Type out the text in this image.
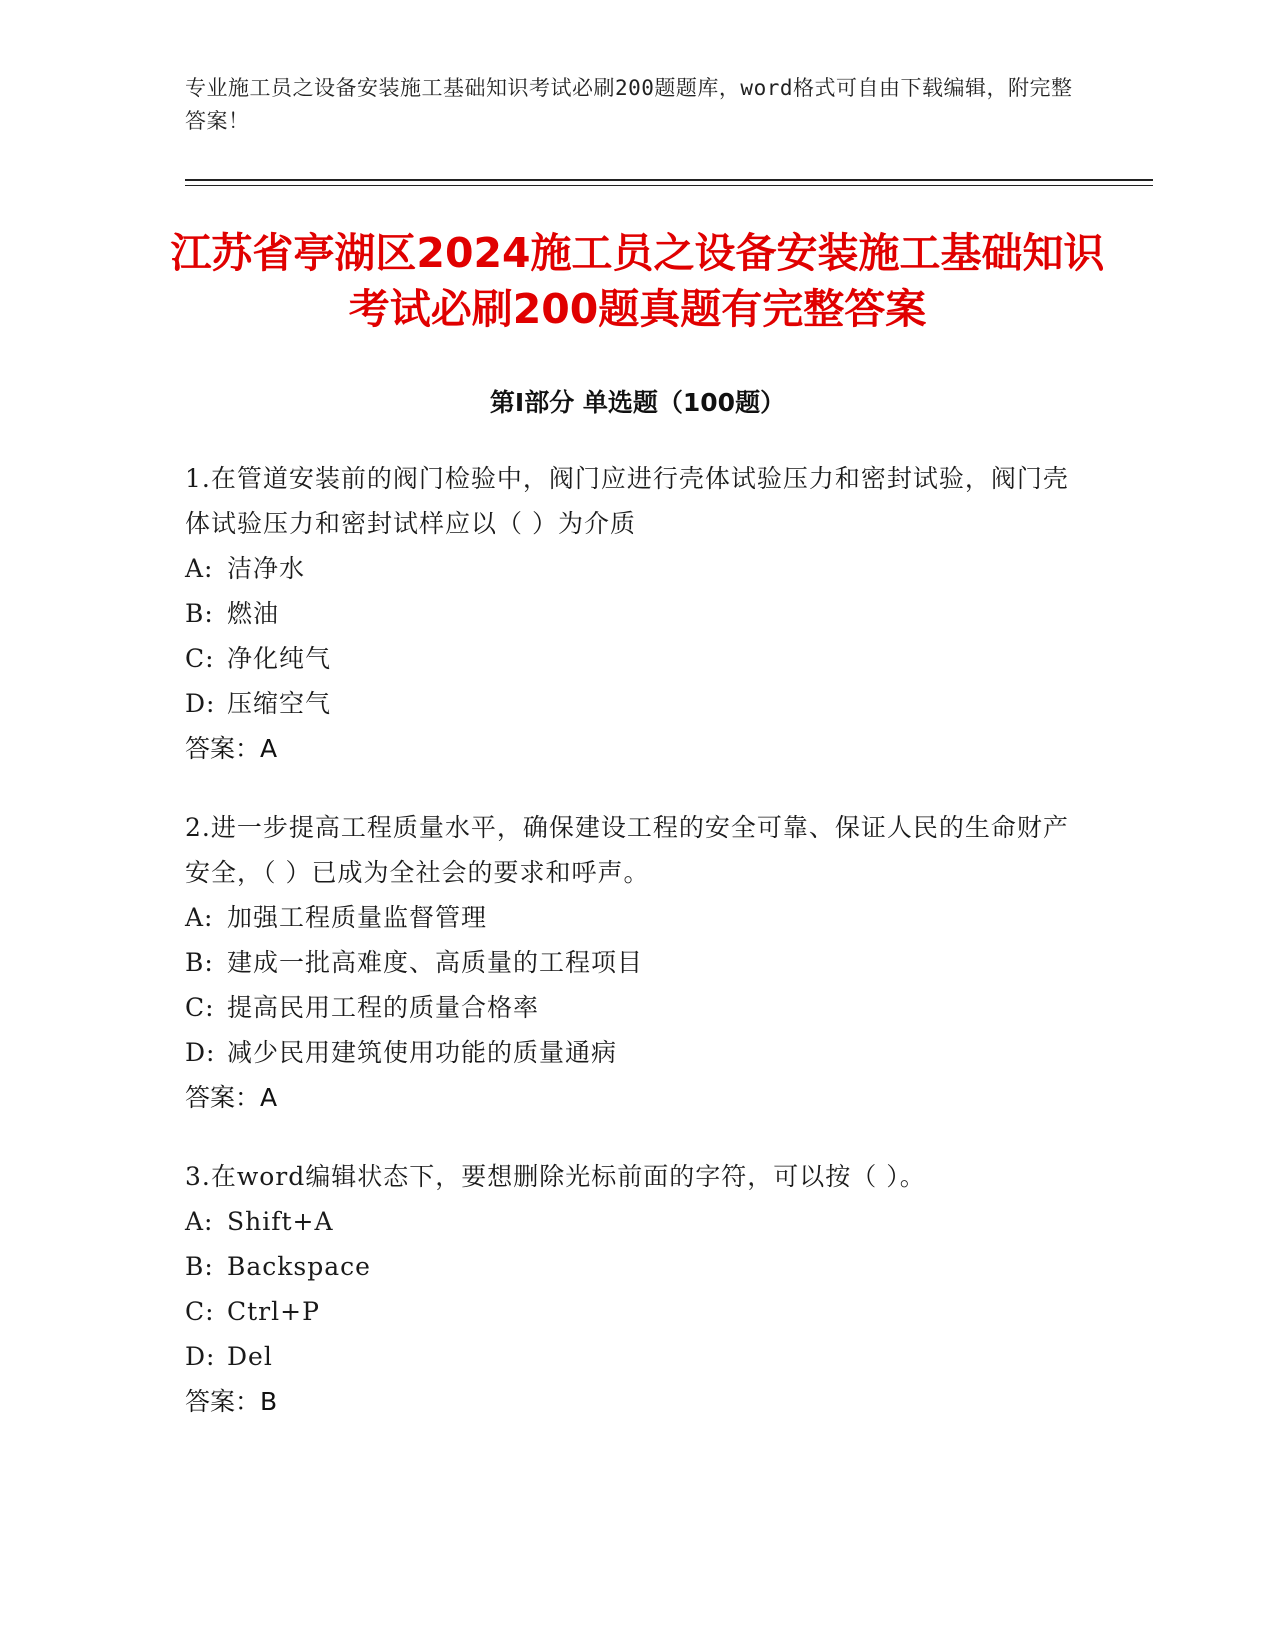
专业施工员之设备安装施工基础知识考试必刷200题题库，word格式可自由下载编辑，附完整答案！
江苏省亭湖区2024施工员之设备安装施工基础知识考试必刷200题真题有完整答案
第Ⅰ部分 单选题（100题）

1.在管道安装前的阀门检验中，阀门应进行壳体试验压力和密封试验，阀门壳体试验压力和密封试样应以（ ）为介质

A: 洁净水
B: 燃油
C: 净化纯气
D: 压缩空气
答案：A

2.进一步提高工程质量水平，确保建设工程的安全可靠、保证人民的生命财产安全，（ ）已成为全社会的要求和呼声。

A: 加强工程质量监督管理
B: 建成一批高难度、高质量的工程项目
C: 提高民用工程的质量合格率
D: 减少民用建筑使用功能的质量通病
答案：A

3.在word编辑状态下，要想删除光标前面的字符，可以按（ ）。

A: Shift+A
B: Backspace
C: Ctrl+P
D: Del
答案：B
